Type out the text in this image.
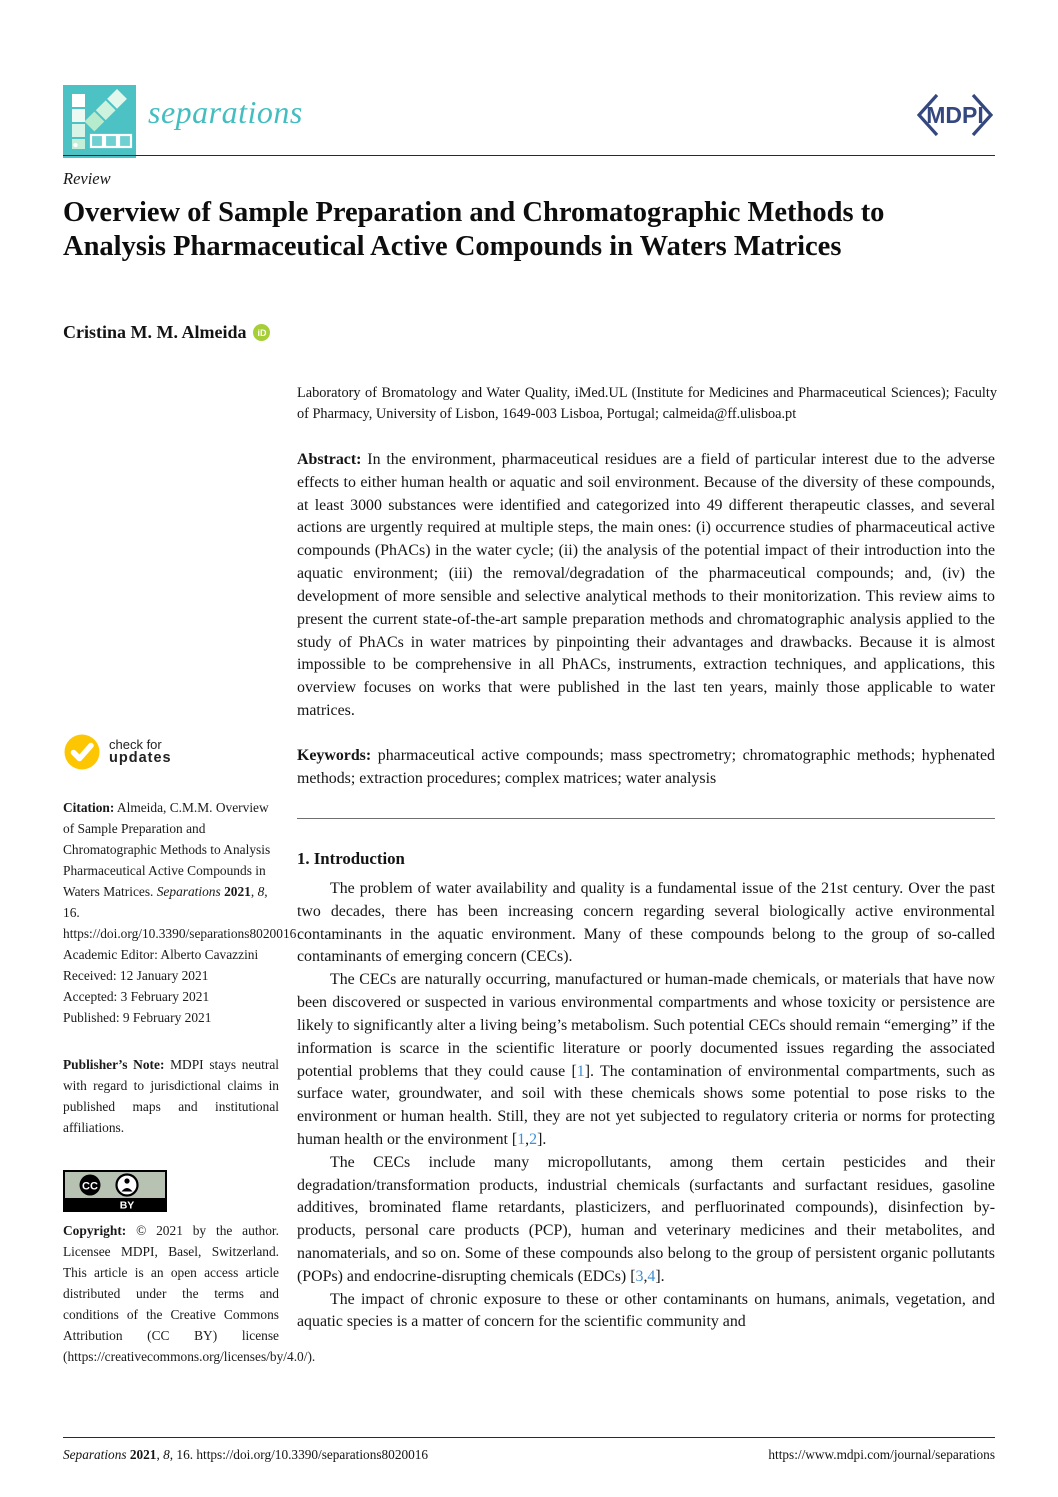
separations	MDPI
Review
Overview of Sample Preparation and Chromatographic Methods to Analysis Pharmaceutical Active Compounds in Waters Matrices
Cristina M. M. Almeida	iD
Laboratory of Bromatology and Water Quality, iMed.UL (Institute for Medicines and Pharmaceutical Sciences); Faculty of Pharmacy, University of Lisbon, 1649-003 Lisboa, Portugal; calmeida@ff.ulisboa.pt

Abstract: In the environment, pharmaceutical residues are a field of particular interest due to the adverse effects to either human health or aquatic and soil environment. Because of the diversity of these compounds, at least 3000 substances were identified and categorized into 49 different therapeutic classes, and several actions are urgently required at multiple steps, the main ones: (i) occurrence studies of pharmaceutical active compounds (PhACs) in the water cycle; (ii) the analysis of the potential impact of their introduction into the aquatic environment; (iii) the removal/degradation of the pharmaceutical compounds; and, (iv) the development of more sensible and selective analytical methods to their monitorization. This review aims to present the current state-of-the-art sample preparation methods and chromatographic analysis applied to the study of PhACs in water matrices by pinpointing their advantages and drawbacks. Because it is almost impossible to be comprehensive in all PhACs, instruments, extraction techniques, and applications, this overview focuses on works that were published in the last ten years, mainly those applicable to water matrices.

Keywords: pharmaceutical active compounds; mass spectrometry; chromatographic methods; hyphenated methods; extraction procedures; complex matrices; water analysis

1. Introduction

The problem of water availability and quality is a fundamental issue of the 21st century. Over the past two decades, there has been increasing concern regarding several biologically active environmental contaminants in the aquatic environment. Many of these compounds belong to the group of so-called contaminants of emerging concern (CECs).

The CECs are naturally occurring, manufactured or human-made chemicals, or materials that have now been discovered or suspected in various environmental compartments and whose toxicity or persistence are likely to significantly alter a living being’s metabolism. Such potential CECs should remain “emerging” if the information is scarce in the scientific literature or poorly documented issues regarding the associated potential problems that they could cause [1]. The contamination of environmental compartments, such as surface water, groundwater, and soil with these chemicals shows some potential to pose risks to the environment or human health. Still, they are not yet subjected to regulatory criteria or norms for protecting human health or the environment [1,2].

The CECs include many micropollutants, among them certain pesticides and their degradation/transformation products, industrial chemicals (surfactants and surfactant residues, gasoline additives, brominated flame retardants, plasticizers, and perfluorinated compounds), disinfection by-products, personal care products (PCP), human and veterinary medicines and their metabolites, and nanomaterials, and so on. Some of these compounds also belong to the group of persistent organic pollutants (POPs) and endocrine-disrupting chemicals (EDCs) [3,4].

The impact of chronic exposure to these or other contaminants on humans, animals, vegetation, and aquatic species is a matter of concern for the scientific community and

check for
updates

Citation: Almeida, C.M.M. Overview of Sample Preparation and Chromatographic Methods to Analysis Pharmaceutical Active Compounds in Waters Matrices. Separations 2021, 8, 16. https://doi.org/10.3390/separations8020016

Academic Editor: Alberto Cavazzini
Received: 12 January 2021
Accepted: 3 February 2021
Published: 9 February 2021

Publisher’s Note: MDPI stays neutral with regard to jurisdictional claims in published maps and institutional affiliations.

CC
BY

Copyright: © 2021 by the author. Licensee MDPI, Basel, Switzerland. This article is an open access article distributed under the terms and conditions of the Creative Commons Attribution (CC BY) license (https://creativecommons.org/licenses/by/4.0/).

Separations 2021, 8, 16. https://doi.org/10.3390/separations8020016	https://www.mdpi.com/journal/separations
